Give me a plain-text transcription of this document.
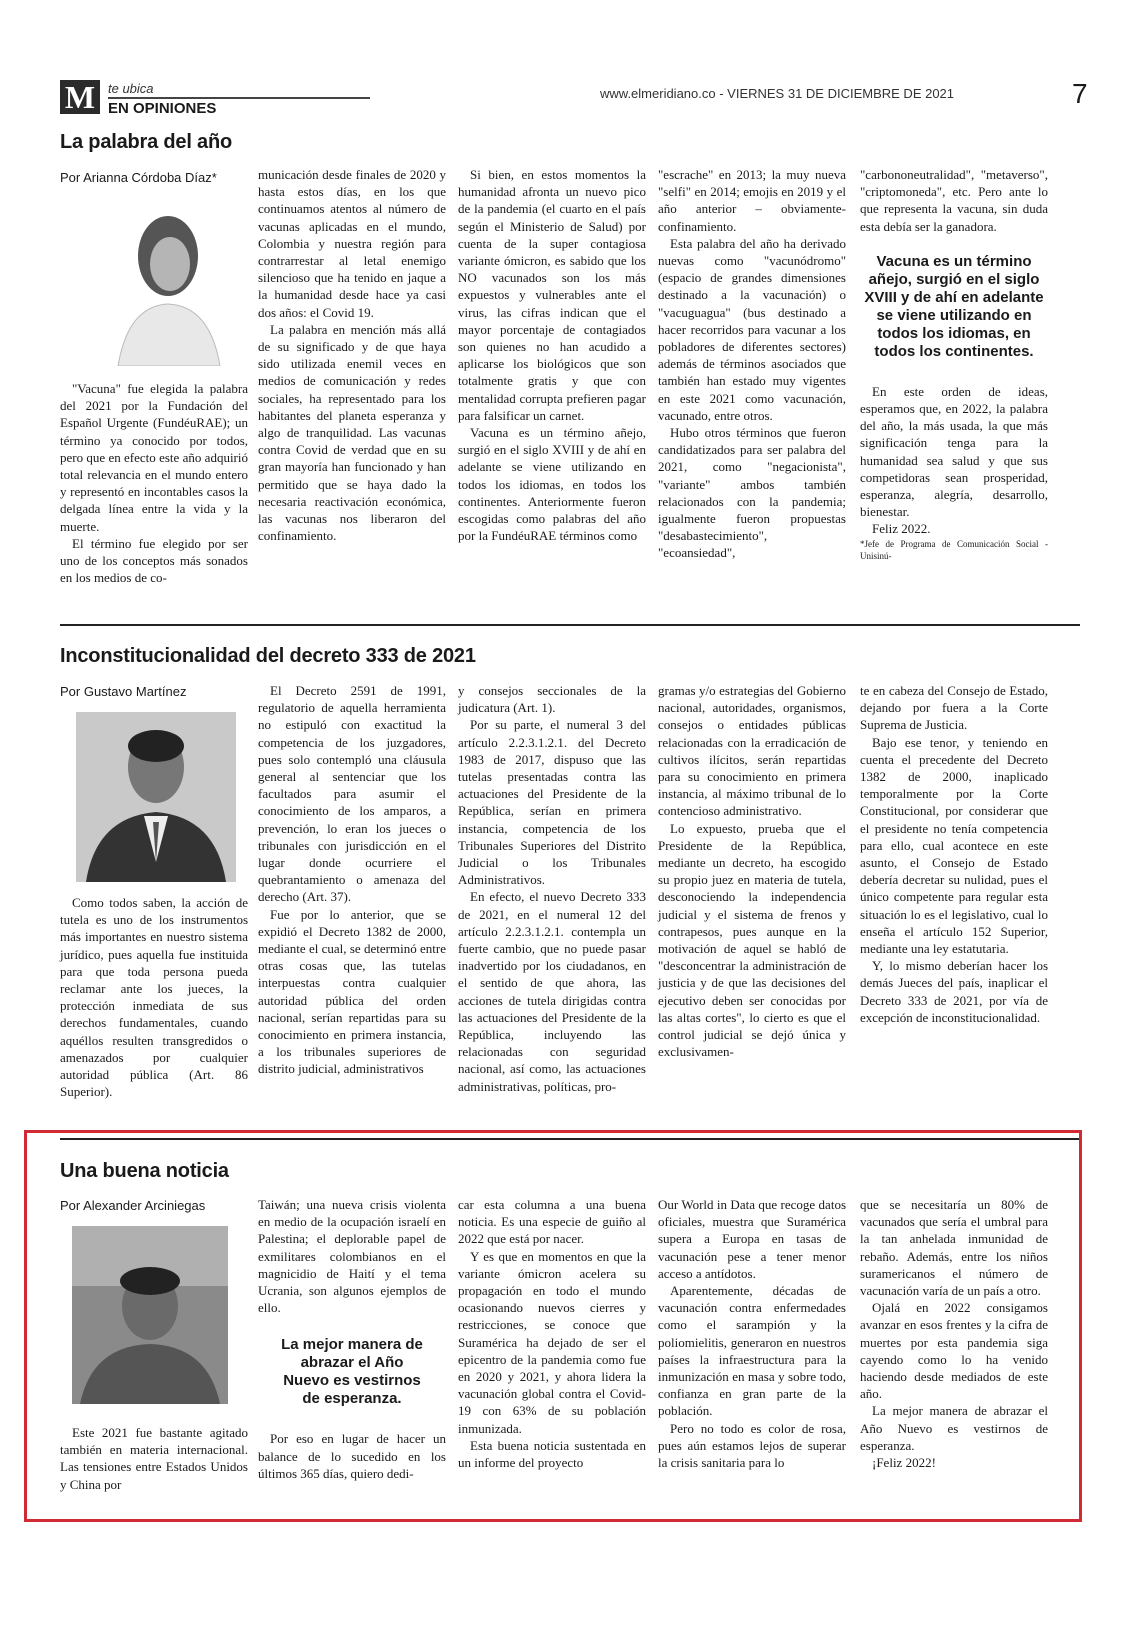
M te ubica
EN OPINIONES
www.elmeridiano.co - VIERNES 31 DE DICIEMBRE DE 2021	7
La palabra del año
Por Arianna Córdoba Díaz*

"Vacuna" fue elegida la palabra del 2021 por la Fundación del Español Urgente (FundéuRAE); un término ya conocido por todos, pero que en efecto este año adquirió total relevancia en el mundo entero y representó en incontables casos la delgada línea entre la vida y la muerte.

El término fue elegido por ser uno de los conceptos más sonados en los medios de co-

municación desde finales de 2020 y hasta estos días, en los que continuamos atentos al número de vacunas aplicadas en el mundo, Colombia y nuestra región para contrarrestar al letal enemigo silencioso que ha tenido en jaque a la humanidad desde hace ya casi dos años: el Covid 19.

La palabra en mención más allá de su significado y de que haya sido utilizada enemil veces en medios de comunicación y redes sociales, ha representado para los habitantes del planeta esperanza y algo de tranquilidad. Las vacunas contra Covid de verdad que en su gran mayoría han funcionado y han permitido que se haya dado la necesaria reactivación económica, las vacunas nos liberaron del confinamiento.

Si bien, en estos momentos la humanidad afronta un nuevo pico de la pandemia (el cuarto en el país según el Ministerio de Salud) por cuenta de la super contagiosa variante ómicron, es sabido que los NO vacunados son los más expuestos y vulnerables ante el virus, las cifras indican que el mayor porcentaje de contagiados son quienes no han acudido a aplicarse los biológicos que son totalmente gratis y que con mentalidad corrupta prefieren pagar para falsificar un carnet.

Vacuna es un término añejo, surgió en el siglo XVIII y de ahí en adelante se viene utilizando en todos los idiomas, en todos los continentes. Anteriormente fueron escogidas como palabras del año por la FundéuRAE términos como

"escrache" en 2013; la muy nueva "selfi" en 2014; emojis en 2019 y el año anterior – obviamente- confinamiento.

Esta palabra del año ha derivado nuevas como "vacunódromo" (espacio de grandes dimensiones destinado a la vacunación) o "vacuguagua" (bus destinado a hacer recorridos para vacunar a los pobladores de diferentes sectores) además de términos asociados que también han estado muy vigentes en este 2021 como vacunación, vacunado, entre otros.

Hubo otros términos que fueron candidatizados para ser palabra del 2021, como "negacionista", "variante" ambos también relacionados con la pandemia; igualmente fueron propuestas "desabastecimiento", "ecoansiedad",

"carbononeutralidad", "metaverso", "criptomoneda", etc. Pero ante lo que representa la vacuna, sin duda esta debía ser la ganadora.

Vacuna es un término añejo, surgió en el siglo XVIII y de ahí en adelante se viene utilizando en todos los idiomas, en todos los continentes.

En este orden de ideas, esperamos que, en 2022, la palabra del año, la más usada, la que más significación tenga para la humanidad sea salud y que sus competidoras sean prosperidad, esperanza, alegría, desarrollo, bienestar.

Feliz 2022.

*Jefe de Programa de Comunicación Social - Unisinú-

Inconstitucionalidad del decreto 333 de 2021
Por Gustavo Martínez

Como todos saben, la acción de tutela es uno de los instrumentos más importantes en nuestro sistema jurídico, pues aquella fue instituida para que toda persona pueda reclamar ante los jueces, la protección inmediata de sus derechos fundamentales, cuando aquéllos resulten transgredidos o amenazados por cualquier autoridad pública (Art. 86 Superior).

El Decreto 2591 de 1991, regulatorio de aquella herramienta no estipuló con exactitud la competencia de los juzgadores, pues solo contempló una cláusula general al sentenciar que los facultados para asumir el conocimiento de los amparos, a prevención, lo eran los jueces o tribunales con jurisdicción en el lugar donde ocurriere el quebrantamiento o amenaza del derecho (Art. 37).

Fue por lo anterior, que se expidió el Decreto 1382 de 2000, mediante el cual, se determinó entre otras cosas que, las tutelas interpuestas contra cualquier autoridad pública del orden nacional, serían repartidas para su conocimiento en primera instancia, a los tribunales superiores de distrito judicial, administrativos

y consejos seccionales de la judicatura (Art. 1).

Por su parte, el numeral 3 del artículo 2.2.3.1.2.1. del Decreto 1983 de 2017, dispuso que las tutelas presentadas contra las actuaciones del Presidente de la República, serían en primera instancia, competencia de los Tribunales Superiores del Distrito Judicial o los Tribunales Administrativos.

En efecto, el nuevo Decreto 333 de 2021, en el numeral 12 del artículo 2.2.3.1.2.1. contempla un fuerte cambio, que no puede pasar inadvertido por los ciudadanos, en el sentido de que ahora, las acciones de tutela dirigidas contra las actuaciones del Presidente de la República, incluyendo las relacionadas con seguridad nacional, así como, las actuaciones administrativas, políticas, pro-

gramas y/o estrategias del Gobierno nacional, autoridades, organismos, consejos o entidades públicas relacionadas con la erradicación de cultivos ilícitos, serán repartidas para su conocimiento en primera instancia, al máximo tribunal de lo contencioso administrativo.

Lo expuesto, prueba que el Presidente de la República, mediante un decreto, ha escogido su propio juez en materia de tutela, desconociendo la independencia judicial y el sistema de frenos y contrapesos, pues aunque en la motivación de aquel se habló de "desconcentrar la administración de justicia y de que las decisiones del ejecutivo deben ser conocidas por las altas cortes", lo cierto es que el control judicial se dejó única y exclusivamen-

te en cabeza del Consejo de Estado, dejando por fuera a la Corte Suprema de Justicia.

Bajo ese tenor, y teniendo en cuenta el precedente del Decreto 1382 de 2000, inaplicado temporalmente por la Corte Constitucional, por considerar que el presidente no tenía competencia para ello, cual acontece en este asunto, el Consejo de Estado debería decretar su nulidad, pues el único competente para regular esta situación lo es el legislativo, cual lo enseña el artículo 152 Superior, mediante una ley estatutaria.

Y, lo mismo deberían hacer los demás Jueces del país, inaplicar el Decreto 333 de 2021, por vía de excepción de inconstitucionalidad.

Una buena noticia
Por Alexander Arciniegas

Este 2021 fue bastante agitado también en materia internacional. Las tensiones entre Estados Unidos y China por

Taiwán; una nueva crisis violenta en medio de la ocupación israelí en Palestina; el deplorable papel de exmilitares colombianos en el magnicidio de Haití y el tema Ucrania, son algunos ejemplos de ello.

La mejor manera de abrazar el Año Nuevo es vestirnos de esperanza.

Por eso en lugar de hacer un balance de lo sucedido en los últimos 365 días, quiero dedi-

car esta columna a una buena noticia. Es una especie de guiño al 2022 que está por nacer.

Y es que en momentos en que la variante ómicron acelera su propagación en todo el mundo ocasionando nuevos cierres y restricciones, se conoce que Suramérica ha dejado de ser el epicentro de la pandemia como fue en 2020 y 2021, y ahora lidera la vacunación global contra el Covid-19 con 63% de su población inmunizada.

Esta buena noticia sustentada en un informe del proyecto

Our World in Data que recoge datos oficiales, muestra que Suramérica supera a Europa en tasas de vacunación pese a tener menor acceso a antídotos.

Aparentemente, décadas de vacunación contra enfermedades como el sarampión y la poliomielitis, generaron en nuestros países la infraestructura para la inmunización en masa y sobre todo, confianza en gran parte de la población.

Pero no todo es color de rosa, pues aún estamos lejos de superar la crisis sanitaria para lo

que se necesitaría un 80% de vacunados que sería el umbral para la tan anhelada inmunidad de rebaño. Además, entre los niños suramericanos el número de vacunación varía de un país a otro.

Ojalá en 2022 consigamos avanzar en esos frentes y la cifra de muertes por esta pandemia siga cayendo como lo ha venido haciendo desde mediados de este año.

La mejor manera de abrazar el Año Nuevo es vestirnos de esperanza.

¡Feliz 2022!
